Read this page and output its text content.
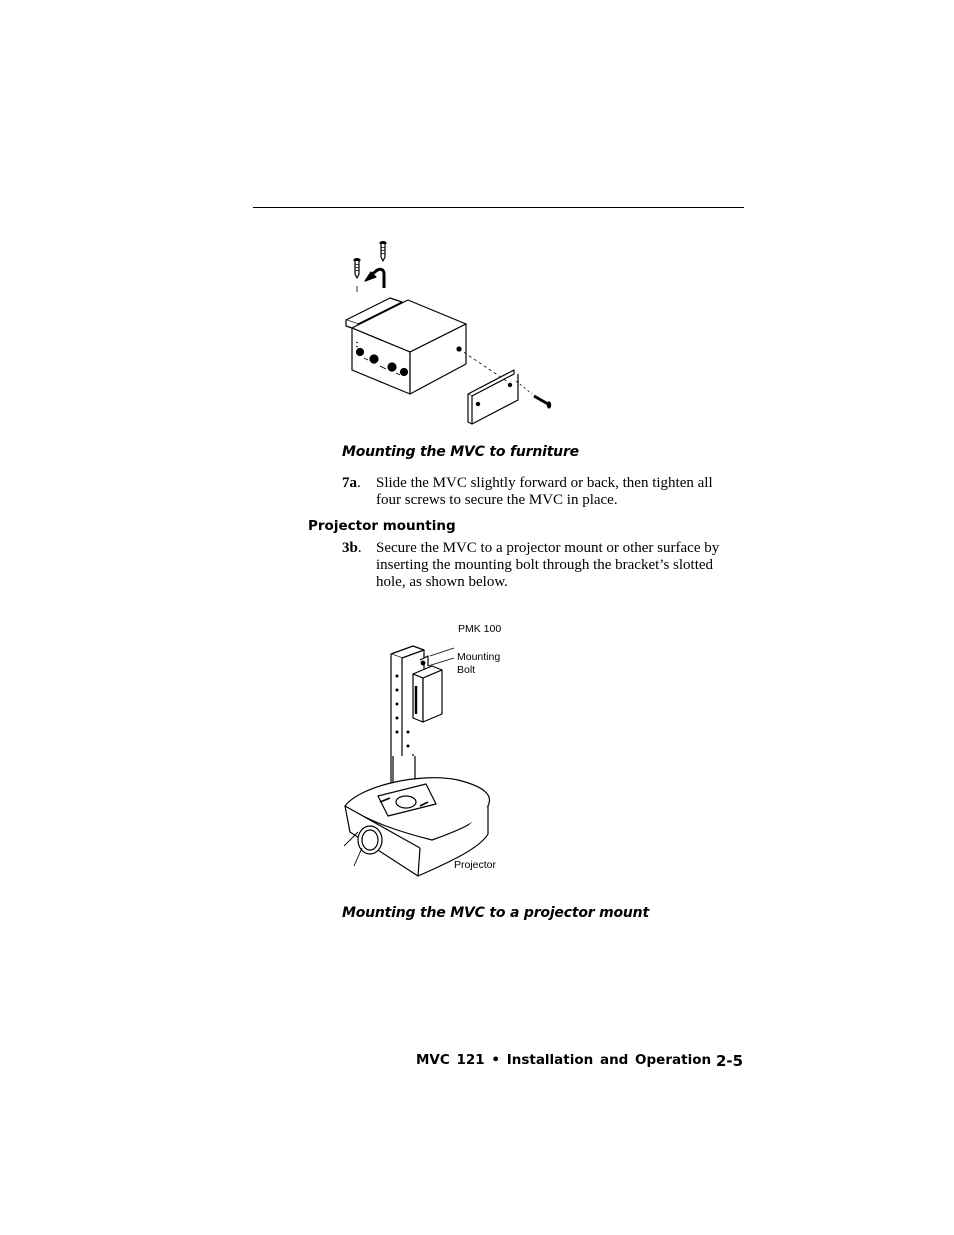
Mounting the MVC to furniture
7a. Slide the MVC slightly forward or back, then tighten all
four screws to secure the MVC in place.
Projector mounting
3b. Secure the MVC to a projector mount or other surface by
inserting the mounting bolt through the bracket’s slotted
hole, as shown below.
PMK 100
Mounting
Bolt
Projector
Mounting the MVC to a projector mount
MVC 121 • Installation and Operation 2-5
